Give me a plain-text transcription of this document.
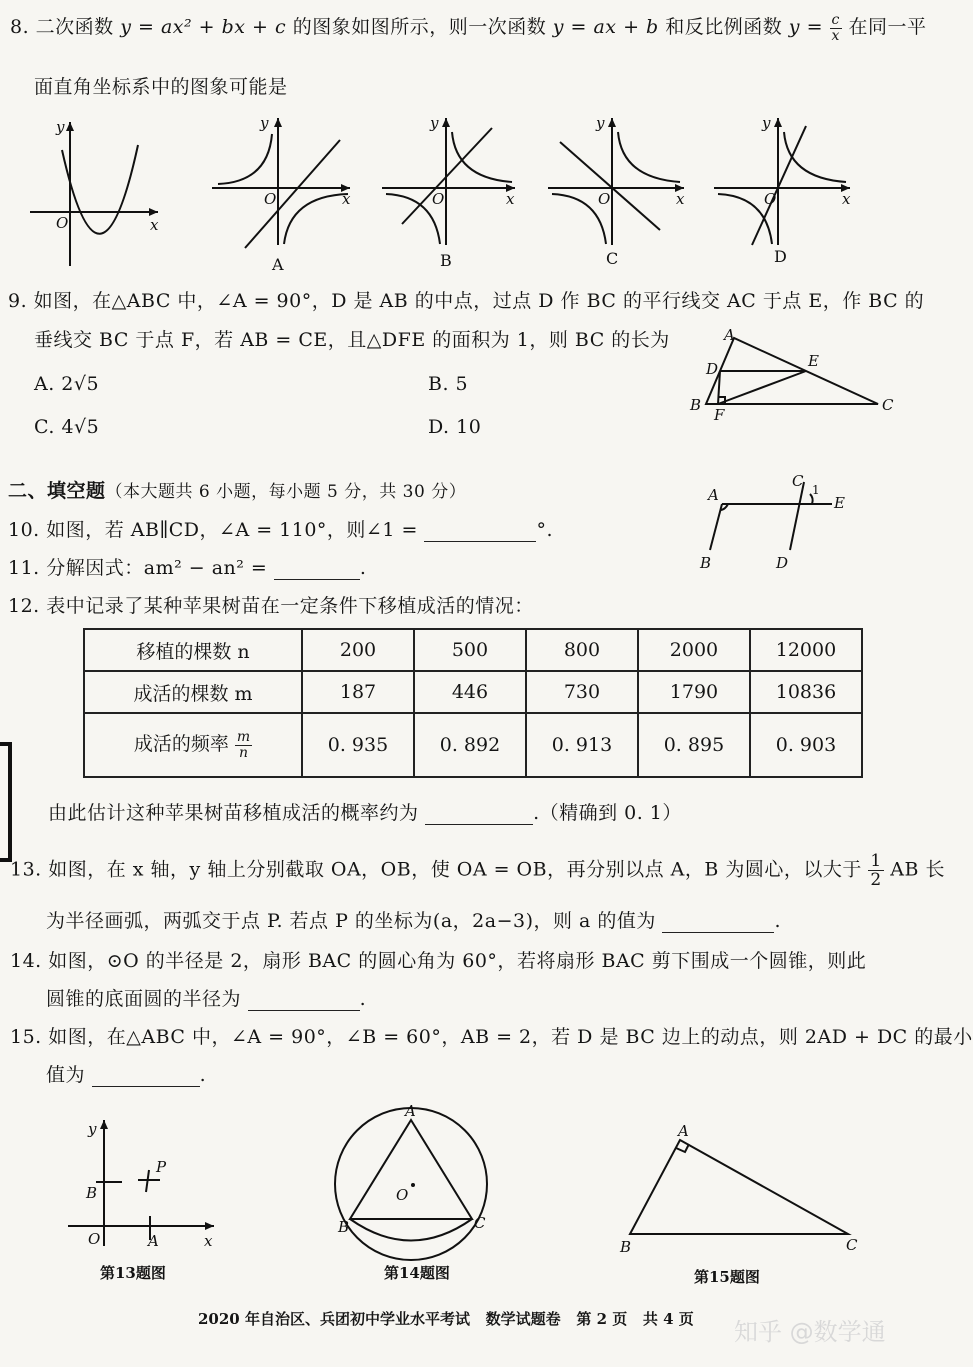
8. 二次函数 y = ax² + bx + c 的图象如图所示，则一次函数 y = ax + b 和反比例函数 $y = \frac{c}{x}$ 在同一平
面直角坐标系中的图象可能是
y
O	x
y
O	x
y
O	x
y
O	x
y
O	x
A	B	C	D
9. 如图，在△ABC 中，∠A = 90°，D 是 AB 的中点，过点 D 作 BC 的平行线交 AC 于点 E，作 BC 的
垂线交 BC 于点 F，若 AB = CE，且△DFE 的面积为 1，则 BC 的长为
A. 2√5	B. 5
C. 4√5	D. 10
A
D	E
B
F
C
二、填空题（本大题共 6 小题，每小题 5 分，共 30 分）
10. 如图，若 AB∥CD，∠A = 110°，则∠1 =	°.
A
C 1
E
B	D
11. 分解因式：am² − an² =	.
12. 表中记录了某种苹果树苗在一定条件下移植成活的情况：
移植的棵数 n	200	500	800	2000	12000
成活的棵数 m	187	446	730	1790	10836
成活的频率 $\frac{m}{n}$	0. 935	0. 892	0. 913	0. 895	0. 903
由此估计这种苹果树苗移植成活的概率约为	.（精确到 0. 1）
13. 如图，在 x 轴，y 轴上分别截取 OA，OB，使 OA = OB，再分别以点 A，B 为圆心，以大于 $\frac{1}{2}$ AB 长
为半径画弧，两弧交于点 P. 若点 P 的坐标为(a，2a−3)，则 a 的值为	.
14. 如图，⊙O 的半径是 2，扇形 BAC 的圆心角为 60°，若将扇形 BAC 剪下围成一个圆锥，则此
圆锥的底面圆的半径为	.
15. 如图，在△ABC 中，∠A = 90°，∠B = 60°，AB = 2，若 D 是 BC 边上的动点，则 2AD + DC 的最小
值为	.
y
x
B
P
O	A
第13题图
A
B	C
O
第14题图
A
B	C
第15题图
2020 年自治区、兵团初中学业水平考试 数学试题卷 第 2 页 共 4 页 知乎 @数学通
